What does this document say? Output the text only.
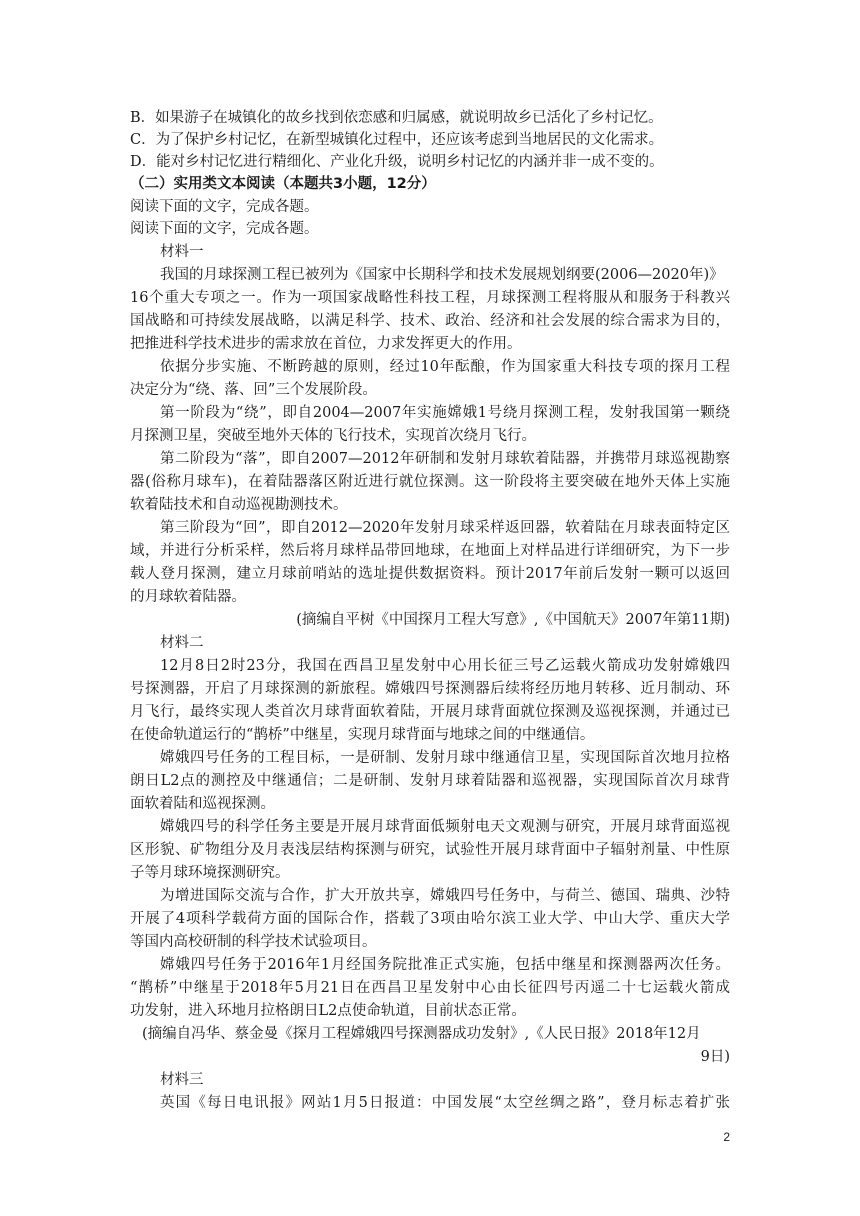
B．如果游子在城镇化的故乡找到依恋感和归属感，就说明故乡已活化了乡村记忆。
C．为了保护乡村记忆，在新型城镇化过程中，还应该考虑到当地居民的文化需求。
D．能对乡村记忆进行精细化、产业化升级，说明乡村记忆的内涵并非一成不变的。
（二）实用类文本阅读（本题共3小题，12分）
阅读下面的文字，完成各题。
阅读下面的文字，完成各题。
材料一
我国的月球探测工程已被列为《国家中长期科学和技术发展规划纲要(2006—2020年)》
16个重大专项之一。作为一项国家战略性科技工程，月球探测工程将服从和服务于科教兴
国战略和可持续发展战略，以满足科学、技术、政治、经济和社会发展的综合需求为目的，
把推进科学技术进步的需求放在首位，力求发挥更大的作用。
依据分步实施、不断跨越的原则，经过10年酝酿，作为国家重大科技专项的探月工程
决定分为“绕、落、回”三个发展阶段。
第一阶段为“绕”，即自2004—2007年实施嫦娥1号绕月探测工程，发射我国第一颗绕
月探测卫星，突破至地外天体的飞行技术，实现首次绕月飞行。
第二阶段为“落”，即自2007—2012年研制和发射月球软着陆器，并携带月球巡视勘察
器(俗称月球车)，在着陆器落区附近进行就位探测。这一阶段将主要突破在地外天体上实施
软着陆技术和自动巡视勘测技术。
第三阶段为“回”，即自2012—2020年发射月球采样返回器，软着陆在月球表面特定区
域，并进行分析采样，然后将月球样品带回地球，在地面上对样品进行详细研究，为下一步
载人登月探测，建立月球前哨站的选址提供数据资料。预计2017年前后发射一颗可以返回
的月球软着陆器。
(摘编自平树《中国探月工程大写意》,《中国航天》2007年第11期)
材料二
12月8日2时23分，我国在西昌卫星发射中心用长征三号乙运载火箭成功发射嫦娥四
号探测器，开启了月球探测的新旅程。嫦娥四号探测器后续将经历地月转移、近月制动、环
月飞行，最终实现人类首次月球背面软着陆，开展月球背面就位探测及巡视探测，并通过已
在使命轨道运行的“鹊桥”中继星，实现月球背面与地球之间的中继通信。
嫦娥四号任务的工程目标，一是研制、发射月球中继通信卫星，实现国际首次地月拉格
朗日L2点的测控及中继通信；二是研制、发射月球着陆器和巡视器，实现国际首次月球背
面软着陆和巡视探测。
嫦娥四号的科学任务主要是开展月球背面低频射电天文观测与研究，开展月球背面巡视
区形貌、矿物组分及月表浅层结构探测与研究，试验性开展月球背面中子辐射剂量、中性原
子等月球环境探测研究。
为增进国际交流与合作，扩大开放共享，嫦娥四号任务中，与荷兰、德国、瑞典、沙特
开展了4项科学载荷方面的国际合作，搭载了3项由哈尔滨工业大学、中山大学、重庆大学
等国内高校研制的科学技术试验项目。
嫦娥四号任务于2016年1月经国务院批准正式实施，包括中继星和探测器两次任务。
“鹊桥”中继星于2018年5月21日在西昌卫星发射中心由长征四号丙遥二十七运载火箭成
功发射，进入环地月拉格朗日L2点使命轨道，目前状态正常。
(摘编自冯华、蔡金曼《探月工程嫦娥四号探测器成功发射》,《人民日报》2018年12月
9日)
材料三
英国《每日电讯报》网站1月5日报道：中国发展“太空丝绸之路”，登月标志着扩张
2
